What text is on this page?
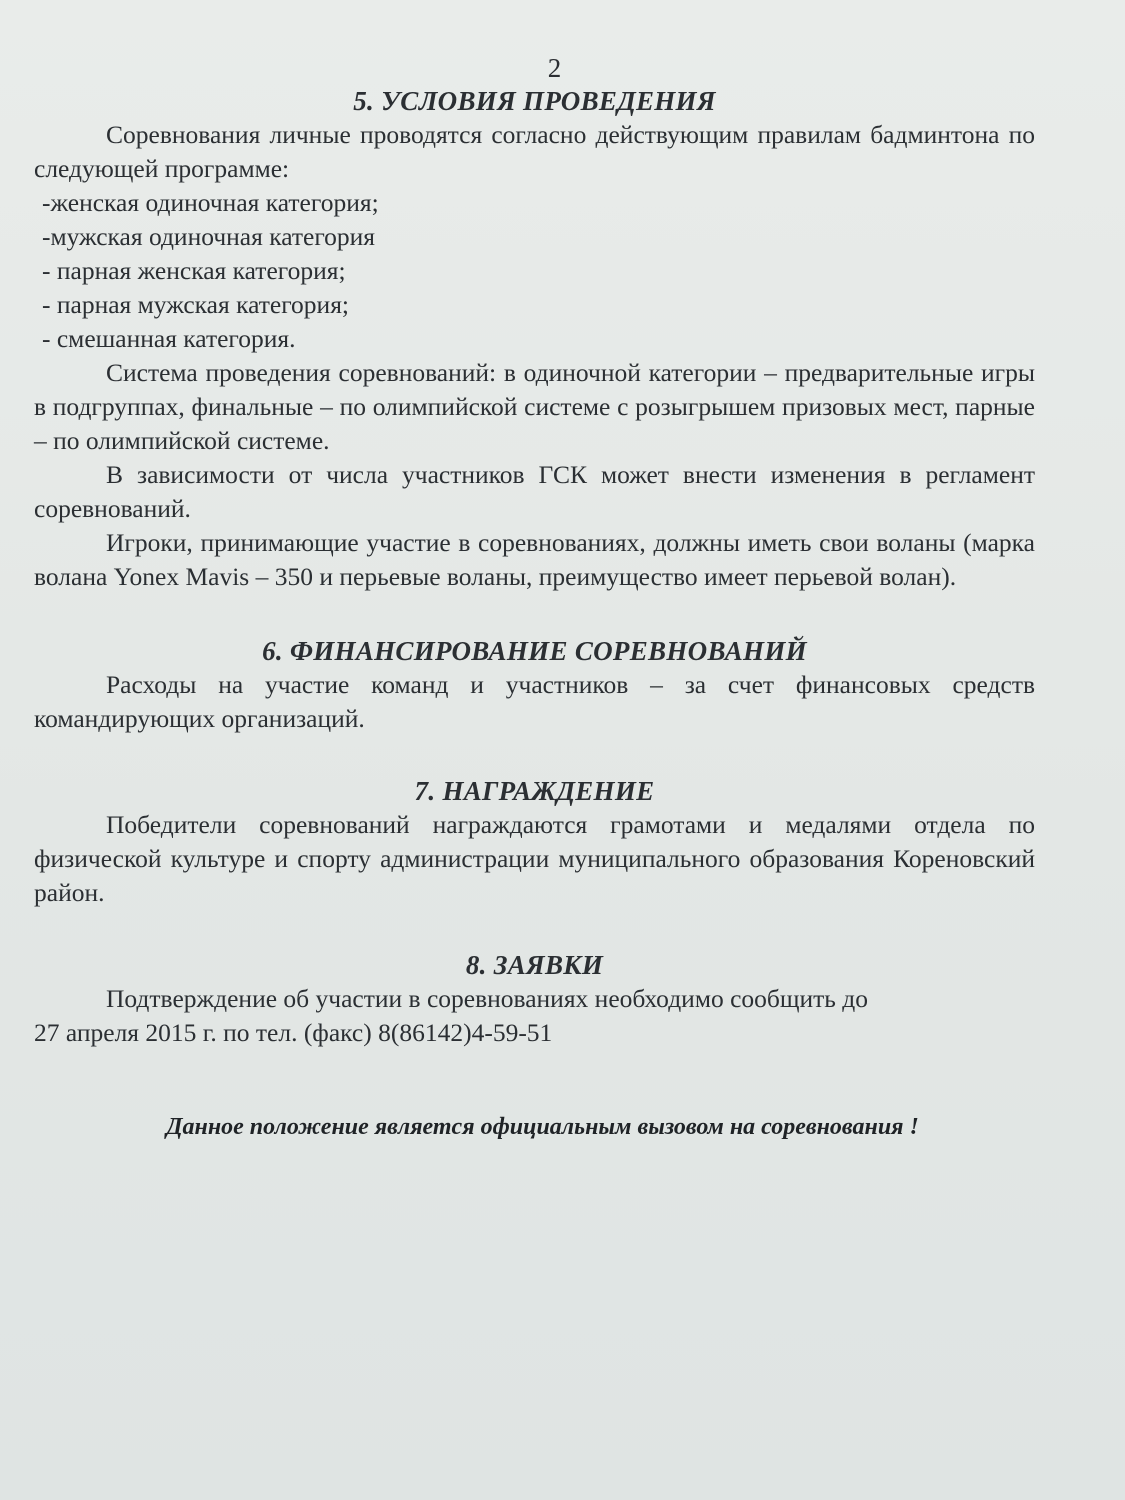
2
5. УСЛОВИЯ ПРОВЕДЕНИЯ

Соревнования личные проводятся согласно действующим правилам бадминтона по следующей программе:

-женская одиночная категория;
-мужская одиночная категория
- парная женская категория;
- парная мужская категория;
- смешанная категория.

Система проведения соревнований: в одиночной категории – предварительные игры в подгруппах, финальные – по олимпийской системе с розыгрышем призовых мест, парные – по олимпийской системе.

В зависимости от числа участников ГСК может внести изменения в регламент соревнований.

Игроки, принимающие участие в соревнованиях, должны иметь свои воланы (марка волана Yonex Mavis – 350 и перьевые воланы, преимущество имеет перьевой волан).

6. ФИНАНСИРОВАНИЕ СОРЕВНОВАНИЙ

Расходы на участие команд и участников – за счет финансовых средств командирующих организаций.

7. НАГРАЖДЕНИЕ

Победители соревнований награждаются грамотами и медалями отдела по физической культуре и спорту администрации муниципального образования Кореновский район.

8. ЗАЯВКИ

Подтверждение об участии в соревнованиях необходимо сообщить до

27 апреля 2015 г. по тел. (факс) 8(86142)4-59-51

Данное положение является официальным вызовом на соревнования !
